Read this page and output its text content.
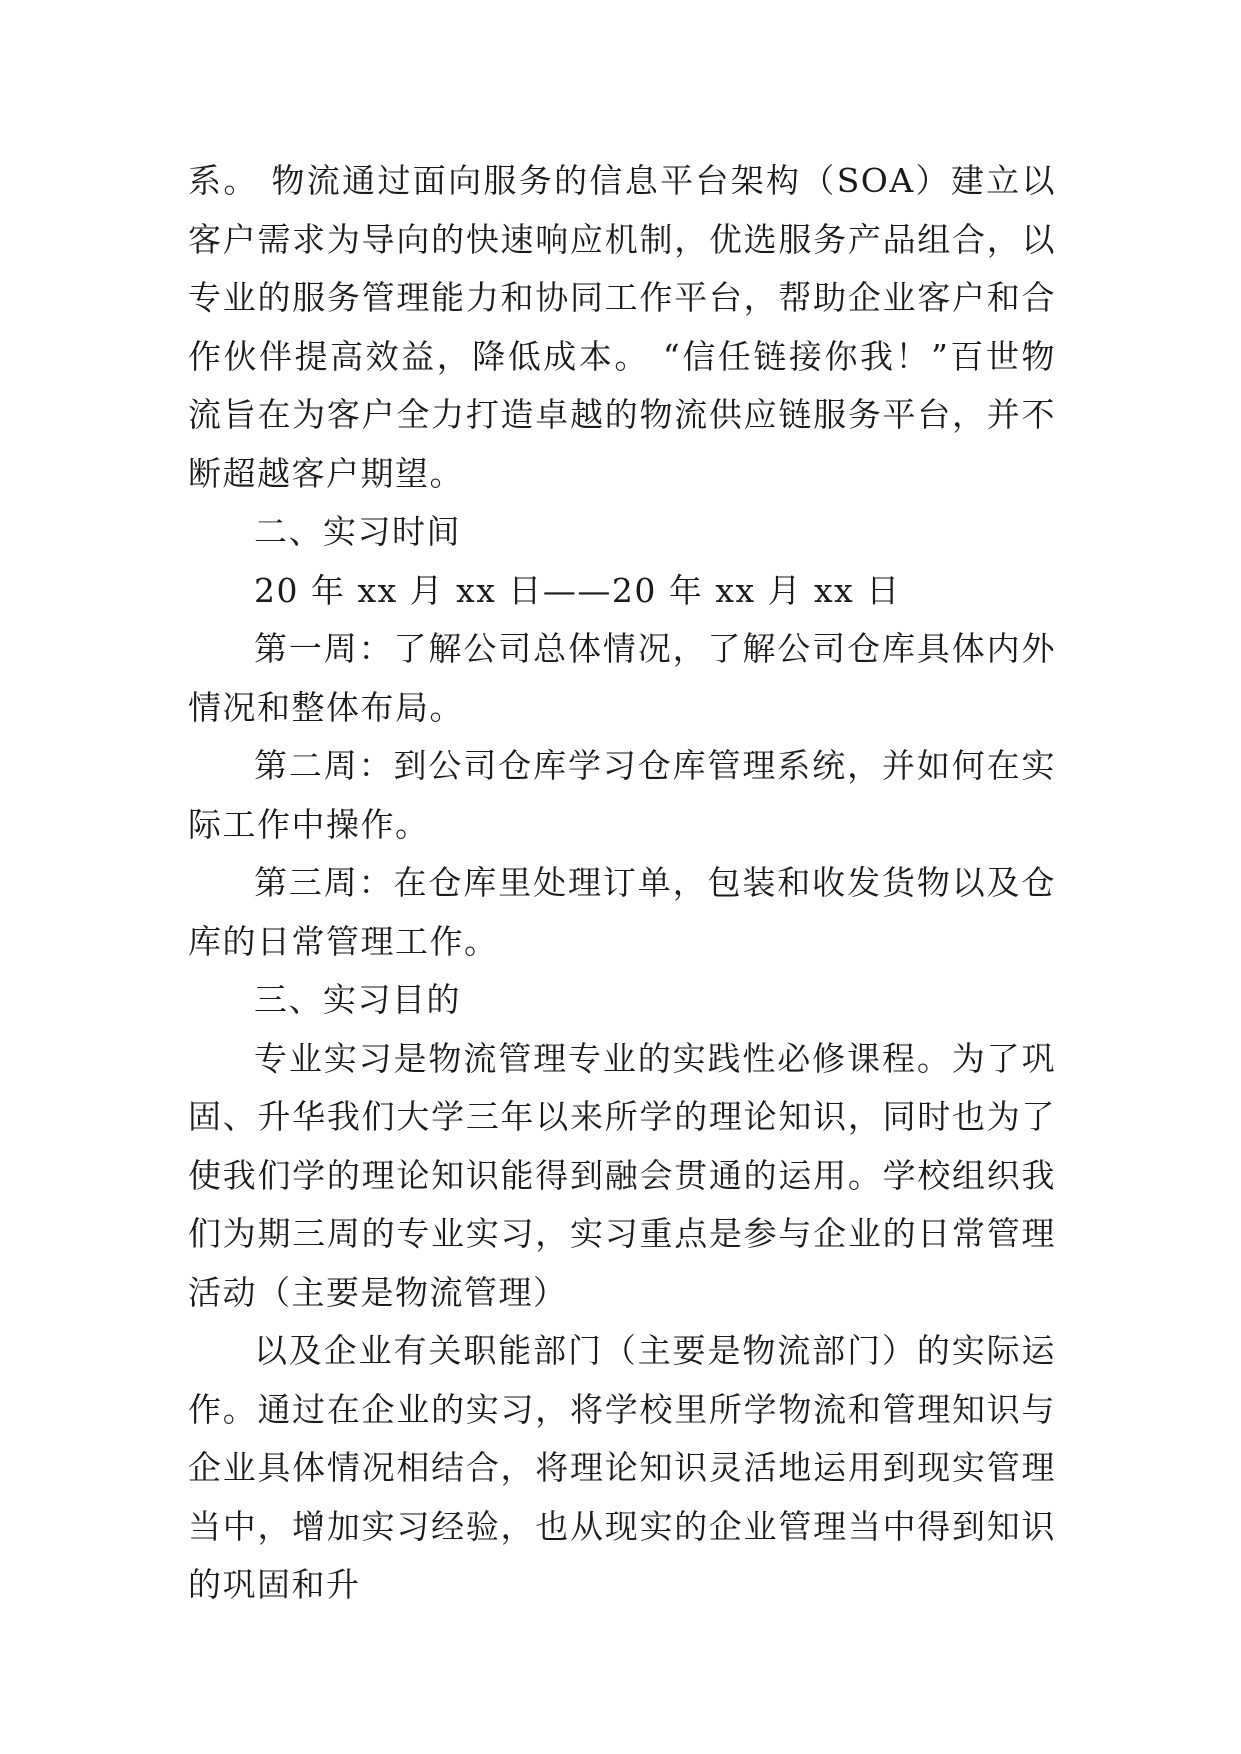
系。 物流通过面向服务的信息平台架构（SOA）建立以客户需求为导向的快速响应机制，优选服务产品组合，以专业的服务管理能力和协同工作平台，帮助企业客户和合作伙伴提高效益，降低成本。 “信任链接你我！”百世物流旨在为客户全力打造卓越的物流供应链服务平台，并不断超越客户期望。

二、实习时间

20 年 xx 月 xx 日——20 年 xx 月 xx 日

第一周：了解公司总体情况，了解公司仓库具体内外情况和整体布局。

第二周：到公司仓库学习仓库管理系统，并如何在实际工作中操作。

第三周：在仓库里处理订单，包装和收发货物以及仓库的日常管理工作。

三、实习目的

专业实习是物流管理专业的实践性必修课程。为了巩固、升华我们大学三年以来所学的理论知识，同时也为了使我们学的理论知识能得到融会贯通的运用。学校组织我们为期三周的专业实习，实习重点是参与企业的日常管理活动（主要是物流管理）

以及企业有关职能部门（主要是物流部门）的实际运作。通过在企业的实习，将学校里所学物流和管理知识与企业具体情况相结合，将理论知识灵活地运用到现实管理当中，增加实习经验，也从现实的企业管理当中得到知识的巩固和升
